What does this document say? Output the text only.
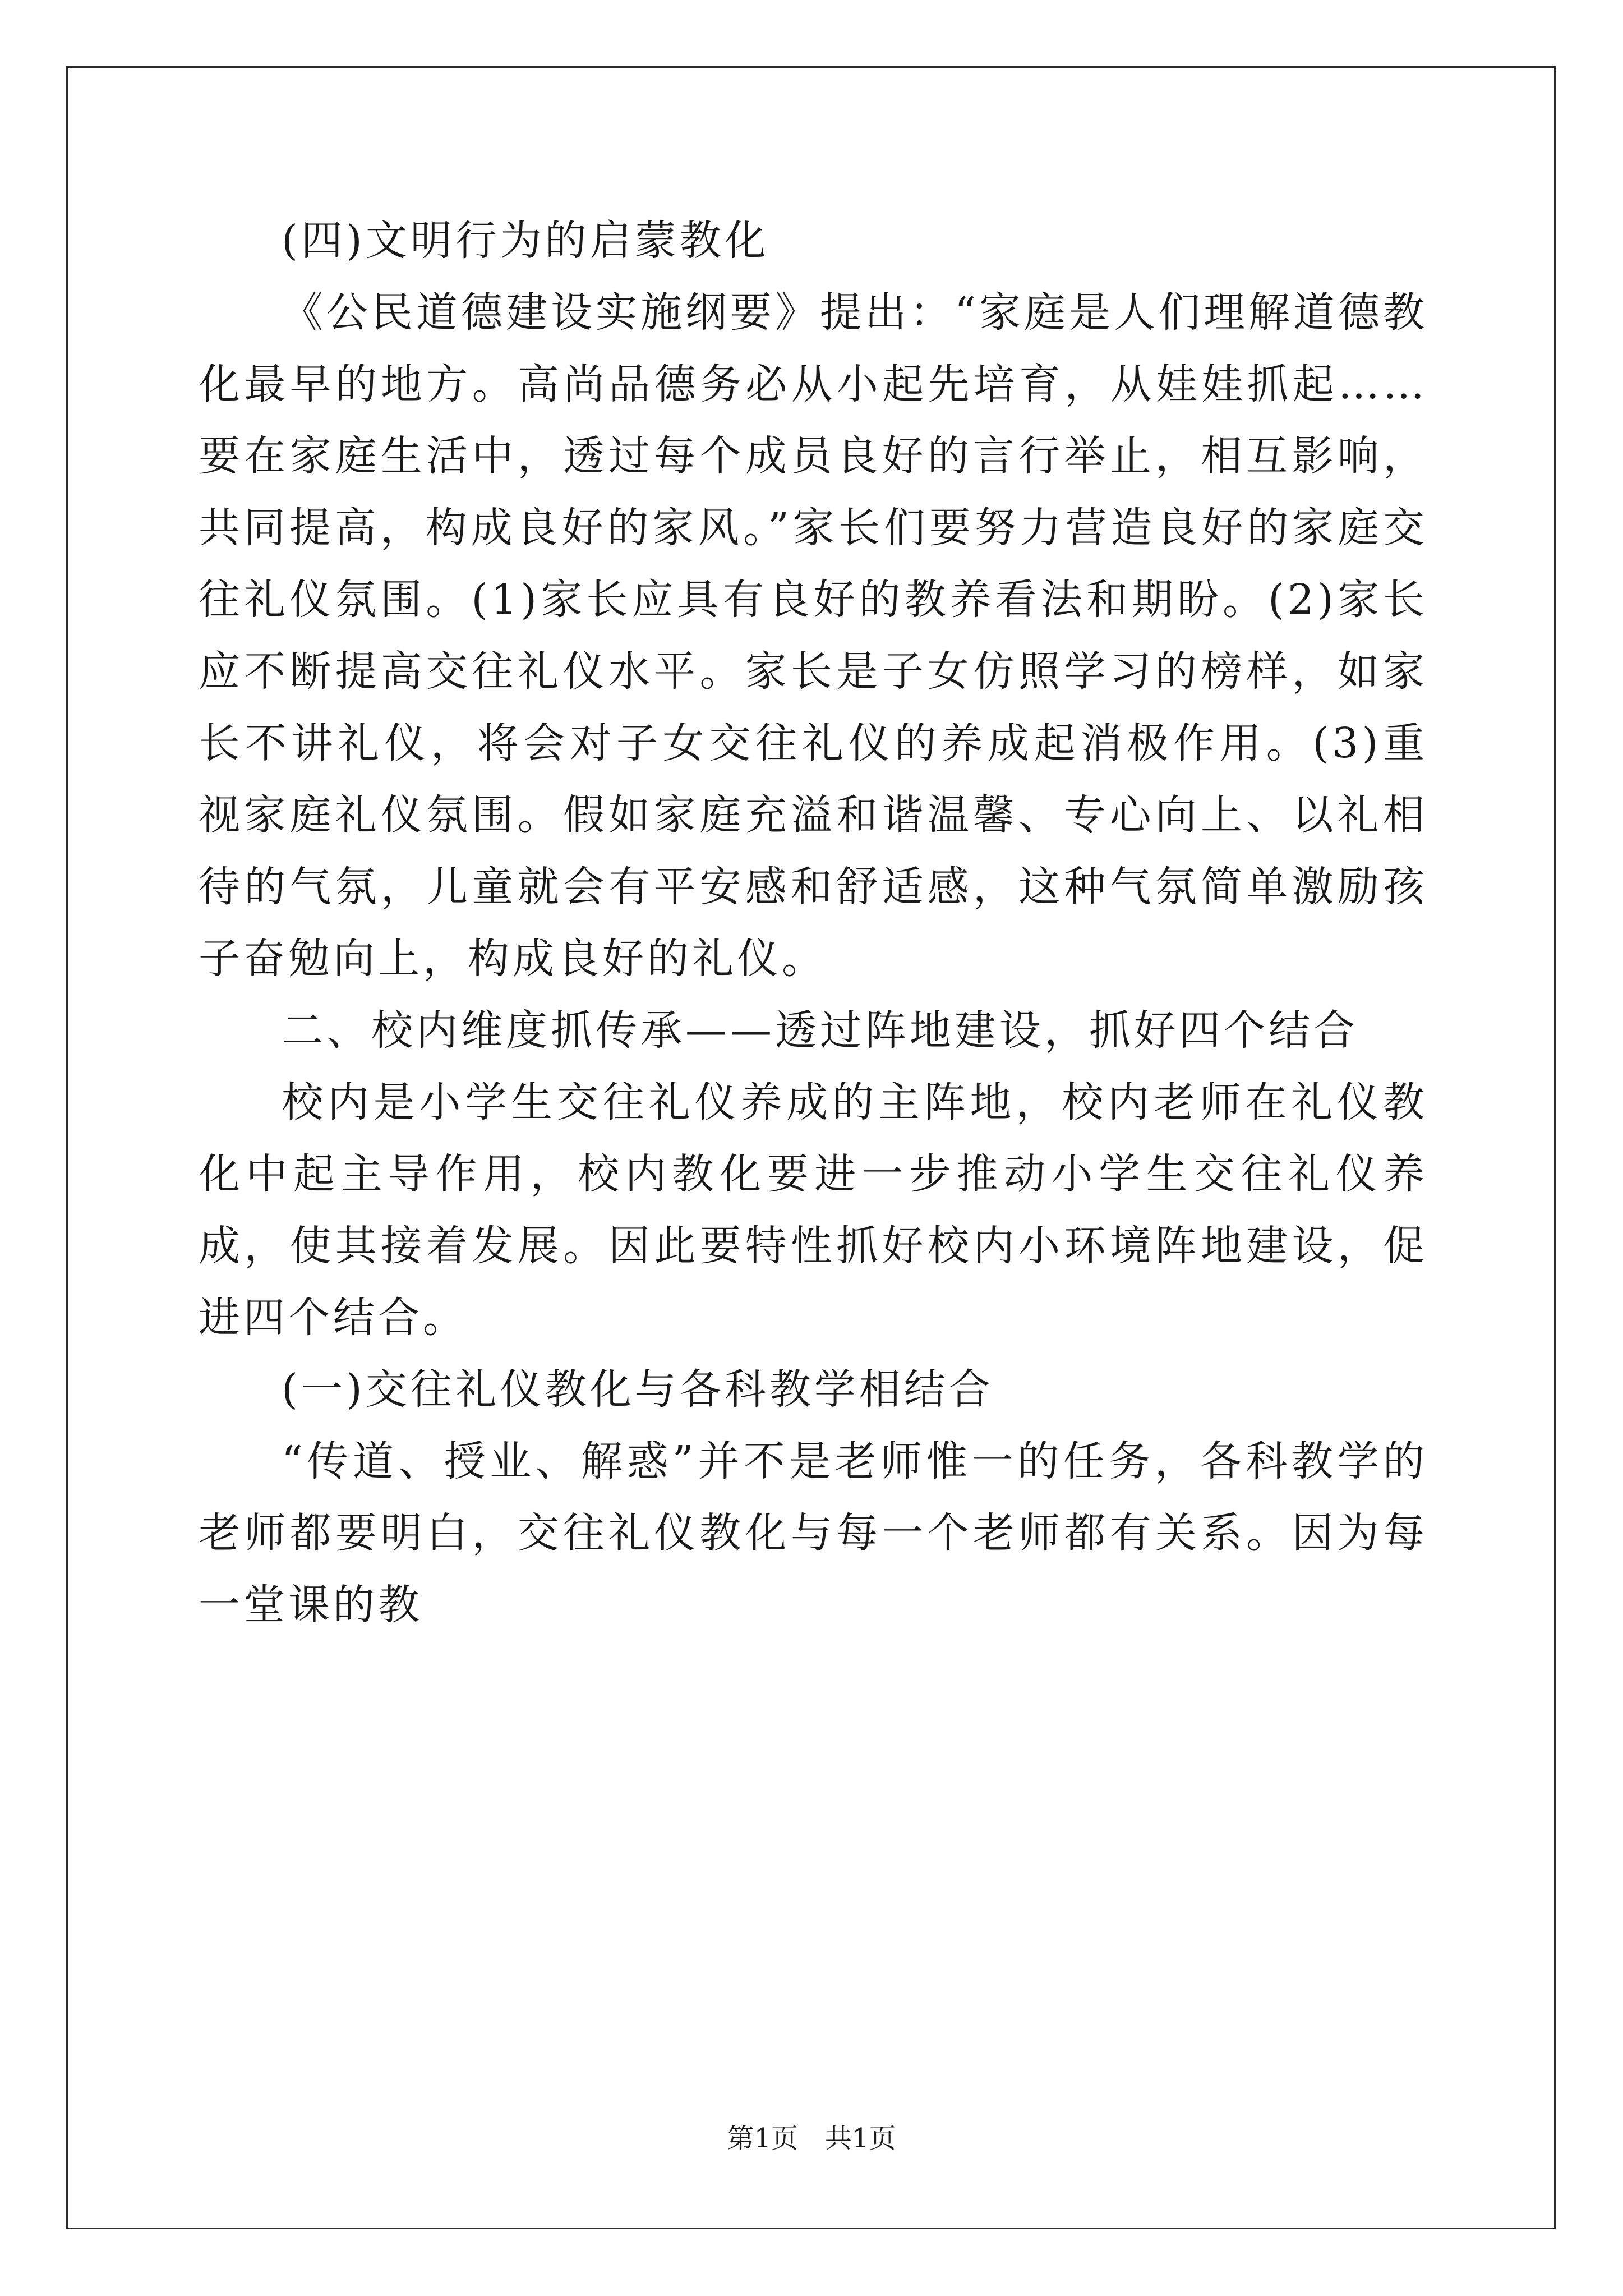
(四)文明行为的启蒙教化

《公民道德建设实施纲要》提出：“家庭是人们理解道德教化最早的地方。高尚品德务必从小起先培育，从娃娃抓起……要在家庭生活中，透过每个成员良好的言行举止，相互影响，共同提高，构成良好的家风。”家长们要努力营造良好的家庭交往礼仪氛围。(1)家长应具有良好的教养看法和期盼。(2)家长应不断提高交往礼仪水平。家长是子女仿照学习的榜样，如家长不讲礼仪，将会对子女交往礼仪的养成起消极作用。(3)重视家庭礼仪氛围。假如家庭充溢和谐温馨、专心向上、以礼相待的气氛，儿童就会有平安感和舒适感，这种气氛简单激励孩子奋勉向上，构成良好的礼仪。

二、校内维度抓传承——透过阵地建设，抓好四个结合

校内是小学生交往礼仪养成的主阵地，校内老师在礼仪教化中起主导作用，校内教化要进一步推动小学生交往礼仪养成，使其接着发展。因此要特性抓好校内小环境阵地建设，促进四个结合。

(一)交往礼仪教化与各科教学相结合

“传道、授业、解惑”并不是老师惟一的任务，各科教学的老师都要明白，交往礼仪教化与每一个老师都有关系。因为每一堂课的教

第1页 共1页
